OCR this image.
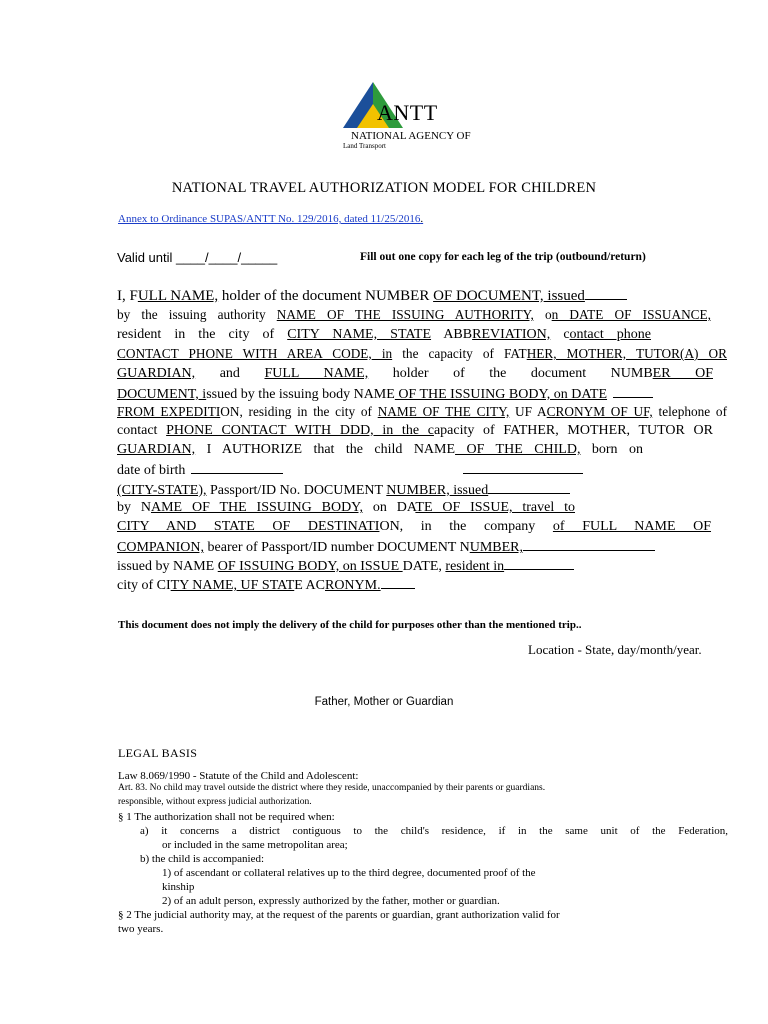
ANTT
NATIONAL AGENCY OF
Land Transport

NATIONAL TRAVEL AUTHORIZATION MODEL FOR CHILDREN

Annex to Ordinance SUPAS/ANTT No. 129/2016, dated 11/25/2016.

Valid until ____/____/_____	Fill out one copy for each leg of the trip (outbound/return)

I, FULL NAME, holder of the document NUMBER OF DOCUMENT, issued

by the issuing authority NAME OF THE ISSUING AUTHORITY, on DATE OF ISSUANCE,

resident in the city of CITY NAME, STATE ABBREVIATION, contact phone

CONTACT PHONE WITH AREA CODE, in the capacity of FATHER, MOTHER, TUTOR(A) OR

GUARDIAN, and FULL NAME, holder of the document NUMBER OF

DOCUMENT, issued by the issuing body NAME OF THE ISSUING BODY, on DATE

FROM EXPEDITION, residing in the city of NAME OF THE CITY, UF ACRONYM OF UF, telephone of

contact PHONE CONTACT WITH DDD, in the capacity of FATHER, MOTHER, TUTOR OR

GUARDIAN, I AUTHORIZE that the child NAME OF THE CHILD, born on

date of birth

(CITY-STATE), Passport/ID No. DOCUMENT NUMBER, issued

by NAME OF THE ISSUING BODY, on DATE OF ISSUE, travel to

CITY AND STATE OF DESTINATION, in the company of FULL NAME OF

COMPANION, bearer of Passport/ID number DOCUMENT NUMBER,

issued by NAME OF ISSUING BODY, on ISSUE DATE, resident in

city of CITY NAME, UF STATE ACRONYM.

This document does not imply the delivery of the child for purposes other than the mentioned trip..

Location - State, day/month/year.

Father, Mother or Guardian

LEGAL BASIS

Law 8.069/1990 - Statute of the Child and Adolescent:

Art. 83. No child may travel outside the district where they reside, unaccompanied by their parents or guardians.

responsible, without express judicial authorization.

§ 1 The authorization shall not be required when:

a) it concerns a district contiguous to the child's residence, if in the same unit of the Federation,

or included in the same metropolitan area;

b) the child is accompanied:

1) of ascendant or collateral relatives up to the third degree, documented proof of the

kinship

2) of an adult person, expressly authorized by the father, mother or guardian.

§ 2 The judicial authority may, at the request of the parents or guardian, grant authorization valid for

two years.
